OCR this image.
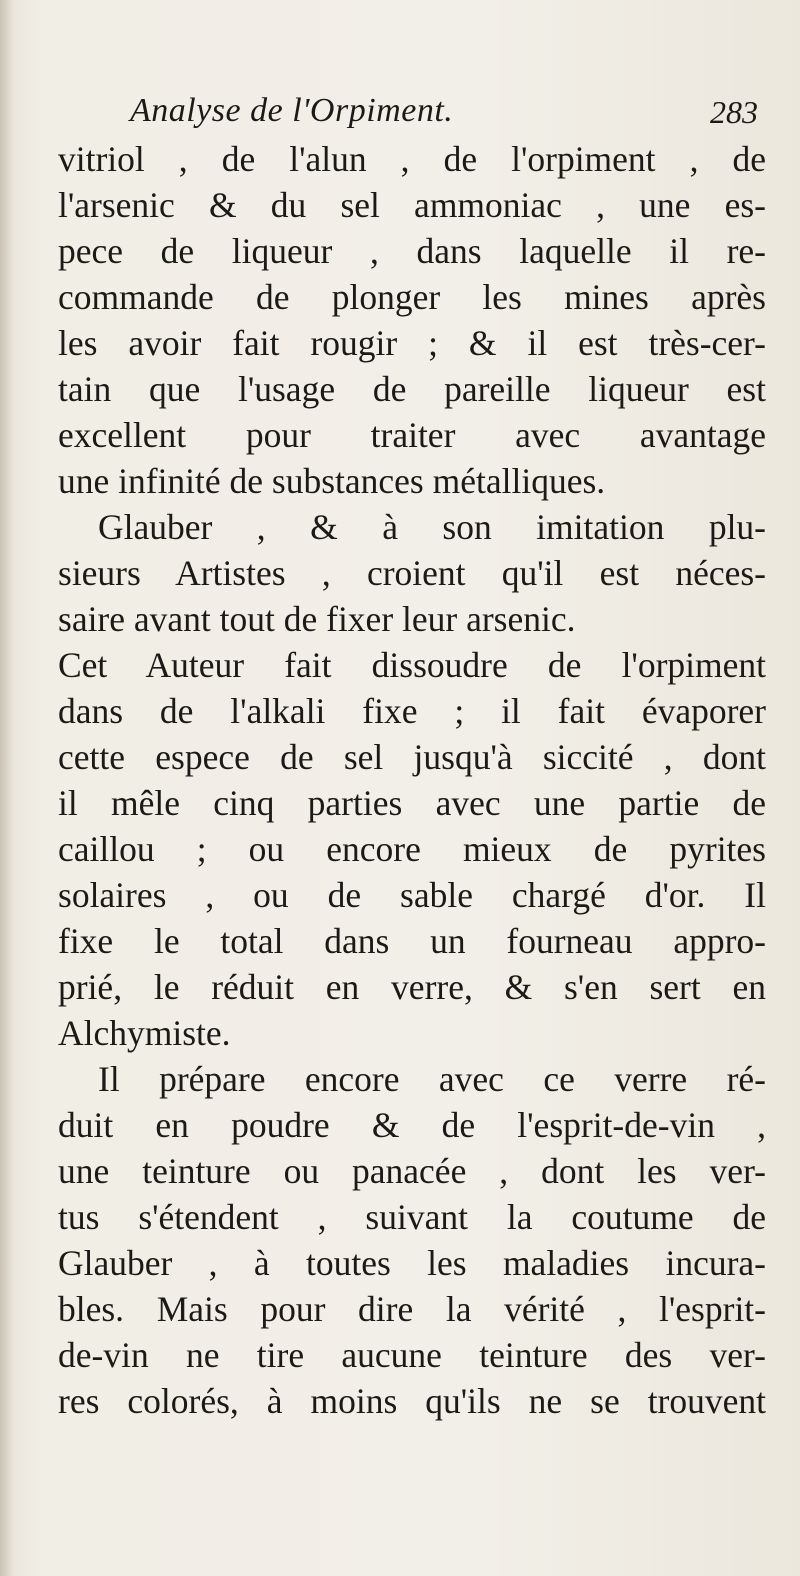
Analyse de l'Orpiment.	283
vitriol , de l'alun , de l'orpiment , de
l'arsenic & du sel ammoniac , une es-
pece de liqueur , dans laquelle il re-
commande de plonger les mines après
les avoir fait rougir ; & il est très-cer-
tain que l'usage de pareille liqueur est
excellent pour traiter avec avantage
une infinité de substances métalliques.
Glauber , & à son imitation plu-
sieurs Artistes , croient qu'il est néces-
saire avant tout de fixer leur arsenic.
Cet Auteur fait dissoudre de l'orpiment
dans de l'alkali fixe ; il fait évaporer
cette espece de sel jusqu'à siccité , dont
il mêle cinq parties avec une partie de
caillou ; ou encore mieux de pyrites
solaires , ou de sable chargé d'or. Il
fixe le total dans un fourneau appro-
prié, le réduit en verre, & s'en sert en
Alchymiste.
Il prépare encore avec ce verre ré-
duit en poudre & de l'esprit-de-vin ,
une teinture ou panacée , dont les ver-
tus s'étendent , suivant la coutume de
Glauber , à toutes les maladies incura-
bles. Mais pour dire la vérité , l'esprit-
de-vin ne tire aucune teinture des ver-
res colorés, à moins qu'ils ne se trouvent
